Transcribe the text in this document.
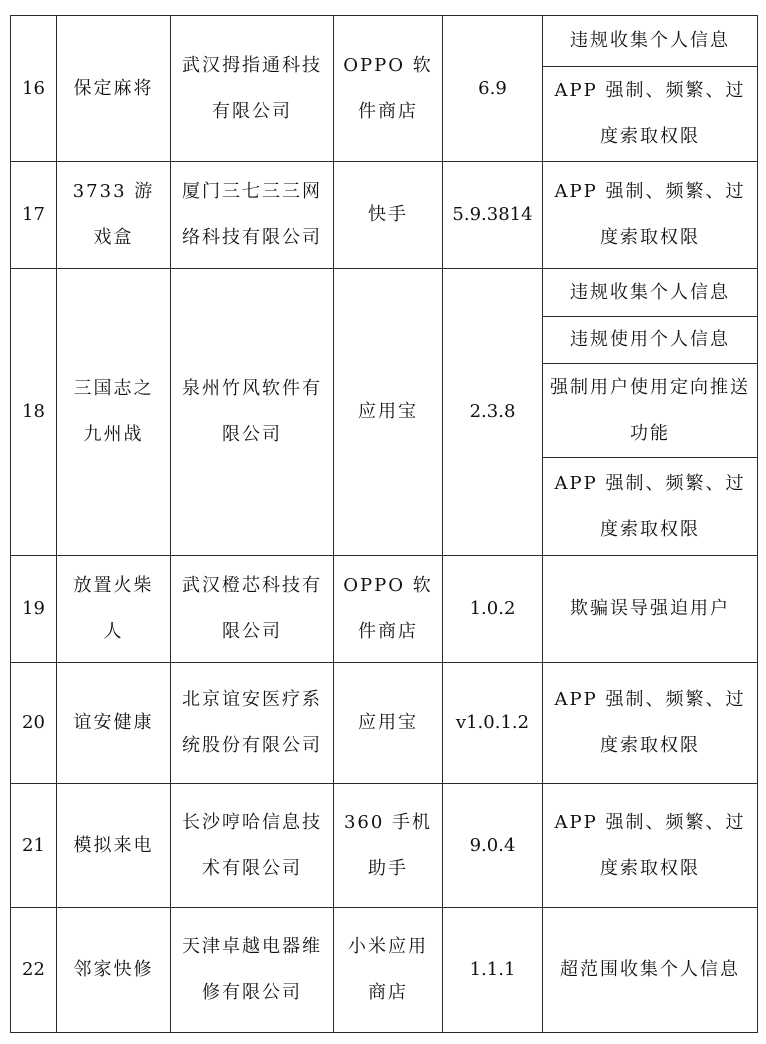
16	保定麻将	武汉拇指通科技有限公司	OPPO 软件商店	6.9	违规收集个人信息
					APP 强制、频繁、过度索取权限
17	3733 游戏盒	厦门三七三三网络科技有限公司	快手	5.9.3814	APP 强制、频繁、过度索取权限
18	三国志之九州战	泉州竹风软件有限公司	应用宝	2.3.8	违规收集个人信息
					违规使用个人信息
					强制用户使用定向推送功能
					APP 强制、频繁、过度索取权限
19	放置火柴人	武汉橙芯科技有限公司	OPPO 软件商店	1.0.2	欺骗误导强迫用户
20	谊安健康	北京谊安医疗系统股份有限公司	应用宝	v1.0.1.2	APP 强制、频繁、过度索取权限
21	模拟来电	长沙哼哈信息技术有限公司	360 手机助手	9.0.4	APP 强制、频繁、过度索取权限
22	邻家快修	天津卓越电器维修有限公司	小米应用商店	1.1.1	超范围收集个人信息
